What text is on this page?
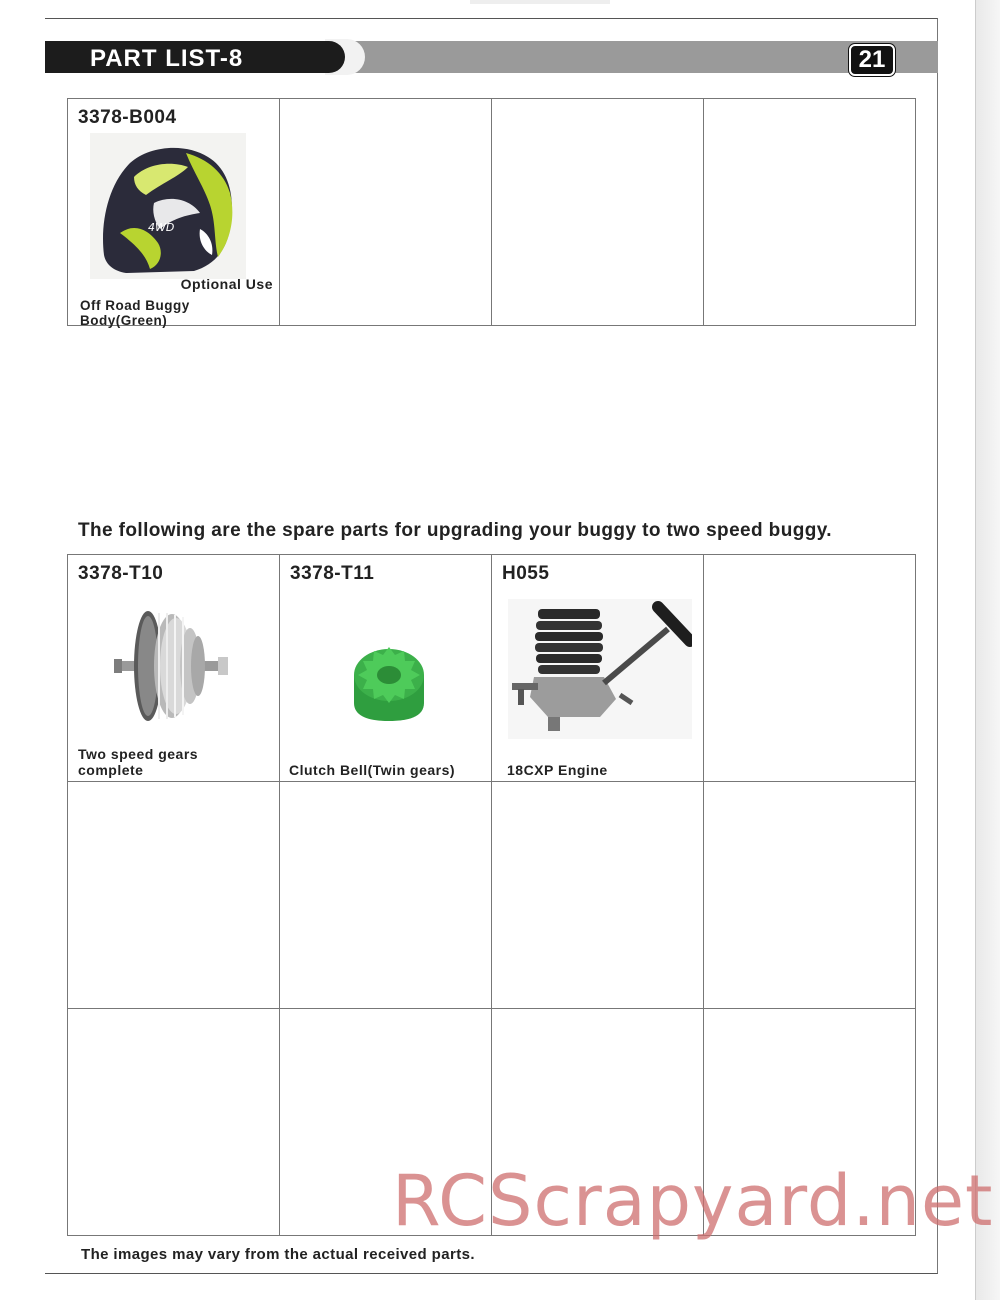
PART LIST-8	21
3378-B004
4WD
Optional Use
Off Road Buggy Body(Green)
The following are the spare parts for upgrading your buggy to two speed buggy.
3378-T10
Two speed gears
complete
3378-T11
Clutch Bell(Twin gears)
H055
18CXP Engine
The images may vary from the actual received parts.
RCScrapyard.net
